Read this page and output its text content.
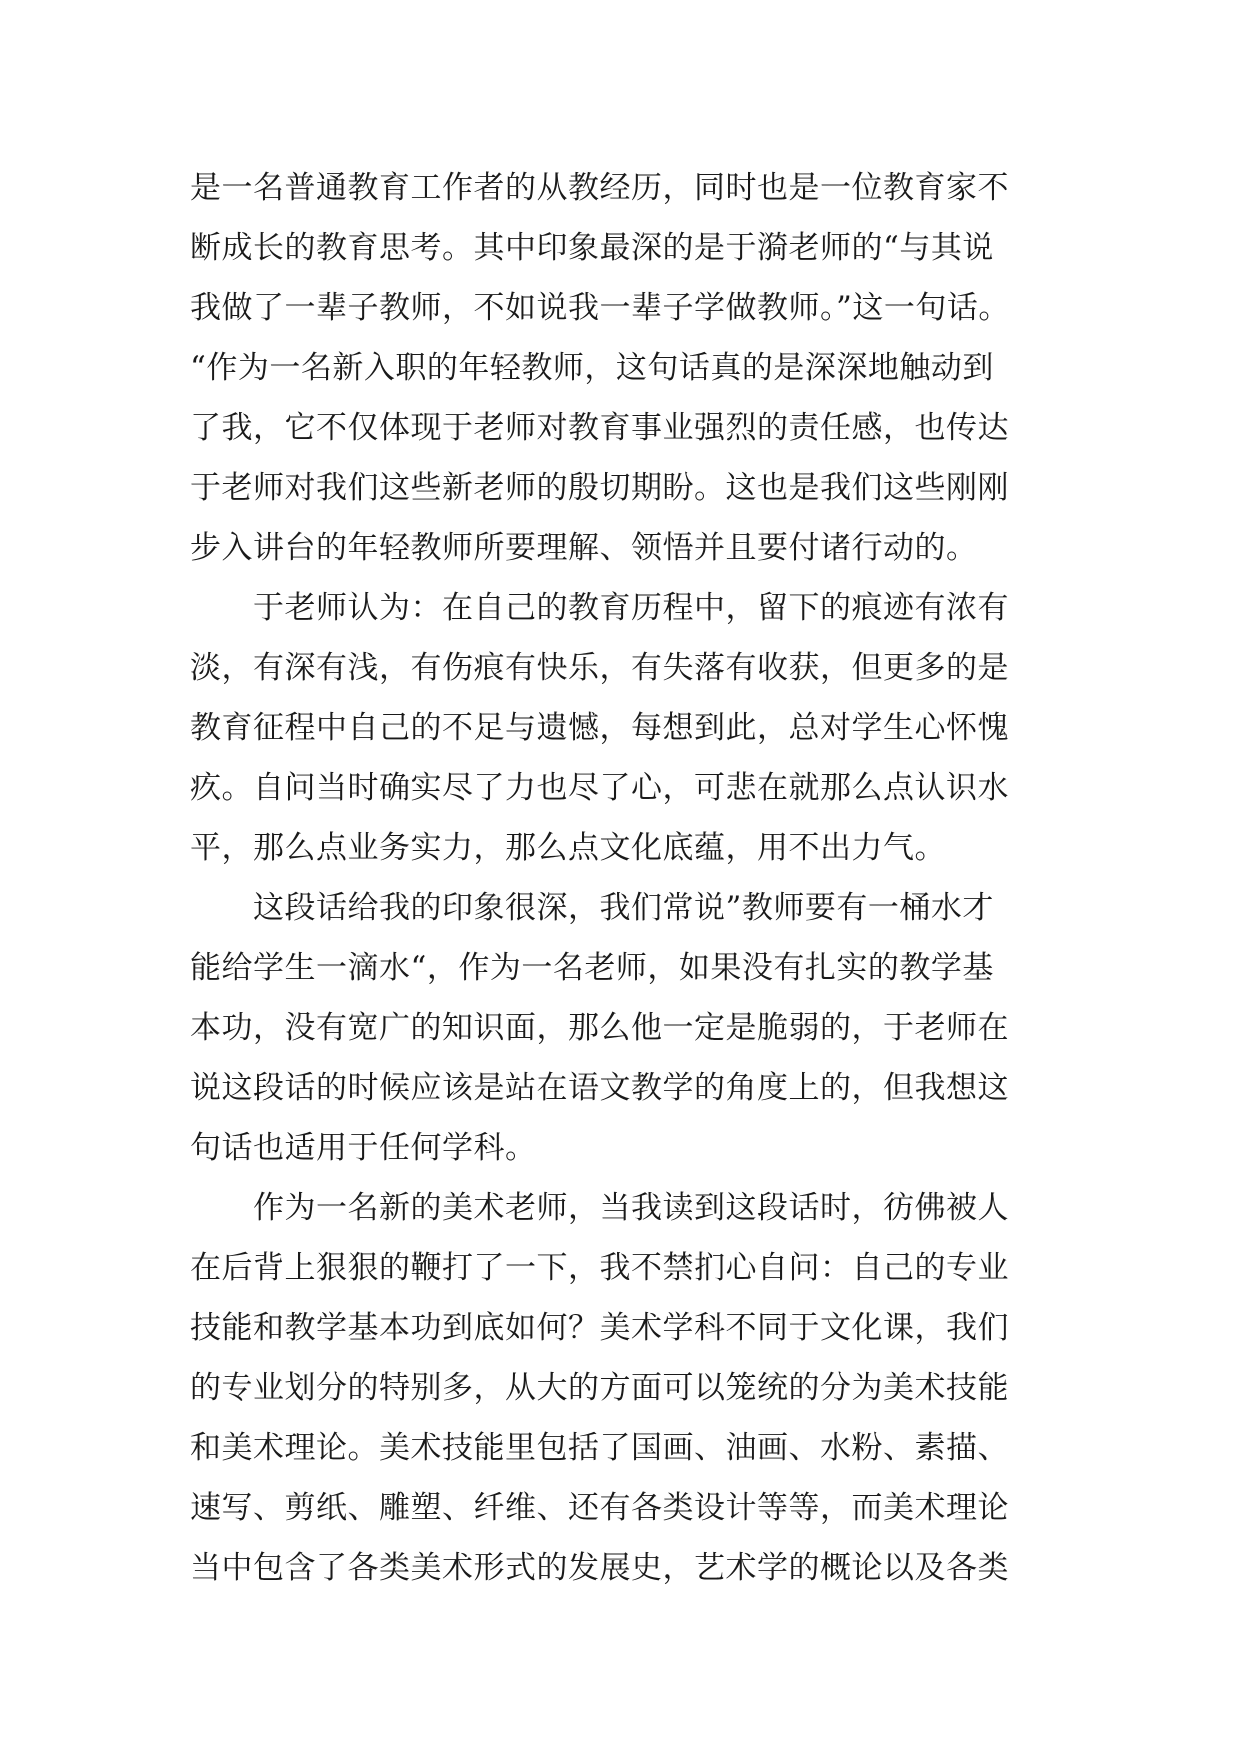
是一名普通教育工作者的从教经历，同时也是一位教育家不
断成长的教育思考。其中印象最深的是于漪老师的“与其说
我做了一辈子教师，不如说我一辈子学做教师。”这一句话。
“作为一名新入职的年轻教师，这句话真的是深深地触动到
了我，它不仅体现于老师对教育事业强烈的责任感，也传达
于老师对我们这些新老师的殷切期盼。这也是我们这些刚刚
步入讲台的年轻教师所要理解、领悟并且要付诸行动的。
　　于老师认为：在自己的教育历程中，留下的痕迹有浓有
淡，有深有浅，有伤痕有快乐，有失落有收获，但更多的是
教育征程中自己的不足与遗憾，每想到此，总对学生心怀愧
疚。自问当时确实尽了力也尽了心，可悲在就那么点认识水
平，那么点业务实力，那么点文化底蕴，用不出力气。
　　这段话给我的印象很深，我们常说”教师要有一桶水才
能给学生一滴水“，作为一名老师，如果没有扎实的教学基
本功，没有宽广的知识面，那么他一定是脆弱的，于老师在
说这段话的时候应该是站在语文教学的角度上的，但我想这
句话也适用于任何学科。
　　作为一名新的美术老师，当我读到这段话时，彷佛被人
在后背上狠狠的鞭打了一下，我不禁扪心自问：自己的专业
技能和教学基本功到底如何？美术学科不同于文化课，我们
的专业划分的特别多，从大的方面可以笼统的分为美术技能
和美术理论。美术技能里包括了国画、油画、水粉、素描、
速写、剪纸、雕塑、纤维、还有各类设计等等，而美术理论
当中包含了各类美术形式的发展史，艺术学的概论以及各类
